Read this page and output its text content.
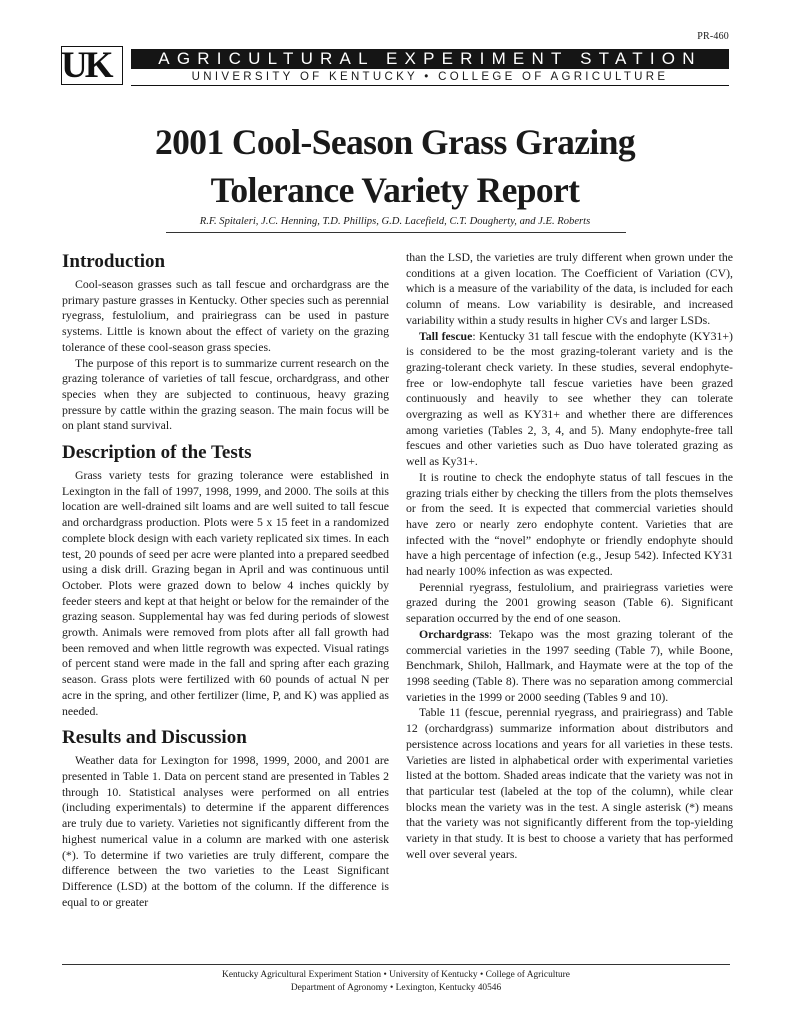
PR-460
UK	AGRICULTURAL EXPERIMENT STATION
UNIVERSITY OF KENTUCKY • COLLEGE OF AGRICULTURE
2001 Cool-Season Grass Grazing
Tolerance Variety Report
R.F. Spitaleri, J.C. Henning, T.D. Phillips, G.D. Lacefield, C.T. Dougherty, and J.E. Roberts
Introduction

Cool-season grasses such as tall fescue and orchardgrass are the primary pasture grasses in Kentucky. Other species such as perennial ryegrass, festulolium, and prairiegrass can be used in pasture systems. Little is known about the effect of variety on the grazing tolerance of these cool-season grass species.

The purpose of this report is to summarize current research on the grazing tolerance of varieties of tall fescue, orchardgrass, and other species when they are subjected to continuous, heavy grazing pressure by cattle within the grazing season. The main focus will be on plant stand survival.

Description of the Tests

Grass variety tests for grazing tolerance were established in Lexington in the fall of 1997, 1998, 1999, and 2000. The soils at this location are well-drained silt loams and are well suited to tall fescue and orchardgrass production. Plots were 5 x 15 feet in a randomized complete block design with each variety replicated six times. In each test, 20 pounds of seed per acre were planted into a prepared seedbed using a disk drill. Grazing began in April and was continuous until October. Plots were grazed down to below 4 inches quickly by feeder steers and kept at that height or below for the remainder of the grazing season. Supplemental hay was fed during periods of slowest growth. Animals were removed from plots after all fall growth had been removed and when little regrowth was expected. Visual ratings of percent stand were made in the fall and spring after each grazing season. Grass plots were fertilized with 60 pounds of actual N per acre in the spring, and other fertilizer (lime, P, and K) was applied as needed.

Results and Discussion

Weather data for Lexington for 1998, 1999, 2000, and 2001 are presented in Table 1. Data on percent stand are presented in Tables 2 through 10. Statistical analyses were performed on all entries (including experimentals) to determine if the apparent differences are truly due to variety. Varieties not significantly different from the highest numerical value in a column are marked with one asterisk (*). To determine if two varieties are truly different, compare the difference between the two varieties to the Least Significant Difference (LSD) at the bottom of the column. If the difference is equal to or greater

than the LSD, the varieties are truly different when grown under the conditions at a given location. The Coefficient of Variation (CV), which is a measure of the variability of the data, is included for each column of means. Low variability is desirable, and increased variability within a study results in higher CVs and larger LSDs.

Tall fescue: Kentucky 31 tall fescue with the endophyte (KY31+) is considered to be the most grazing-tolerant variety and is the grazing-tolerant check variety. In these studies, several endophyte-free or low-endophyte tall fescue varieties have been grazed continuously and heavily to see whether they can tolerate overgrazing as well as KY31+ and whether there are differences among varieties (Tables 2, 3, 4, and 5). Many endophyte-free tall fescues and other varieties such as Duo have tolerated grazing as well as Ky31+.

It is routine to check the endophyte status of tall fescues in the grazing trials either by checking the tillers from the plots themselves or from the seed. It is expected that commercial varieties should have zero or nearly zero endophyte content. Varieties that are infected with the “novel” endophyte or friendly endophyte should have a high percentage of infection (e.g., Jesup 542). Infected KY31 had nearly 100% infection as was expected.

Perennial ryegrass, festulolium, and prairiegrass varieties were grazed during the 2001 growing season (Table 6). Significant separation occurred by the end of one season.

Orchardgrass: Tekapo was the most grazing tolerant of the commercial varieties in the 1997 seeding (Table 7), while Boone, Benchmark, Shiloh, Hallmark, and Haymate were at the top of the 1998 seeding (Table 8). There was no separation among commercial varieties in the 1999 or 2000 seeding (Tables 9 and 10).

Table 11 (fescue, perennial ryegrass, and prairiegrass) and Table 12 (orchardgrass) summarize information about distributors and persistence across locations and years for all varieties in these tests. Varieties are listed in alphabetical order with experimental varieties listed at the bottom. Shaded areas indicate that the variety was not in that particular test (labeled at the top of the column), while clear blocks mean the variety was in the test. A single asterisk (*) means that the variety was not significantly different from the top-yielding variety in that study. It is best to choose a variety that has performed well over several years.

Kentucky Agricultural Experiment Station • University of Kentucky • College of Agriculture
Department of Agronomy • Lexington, Kentucky 40546
